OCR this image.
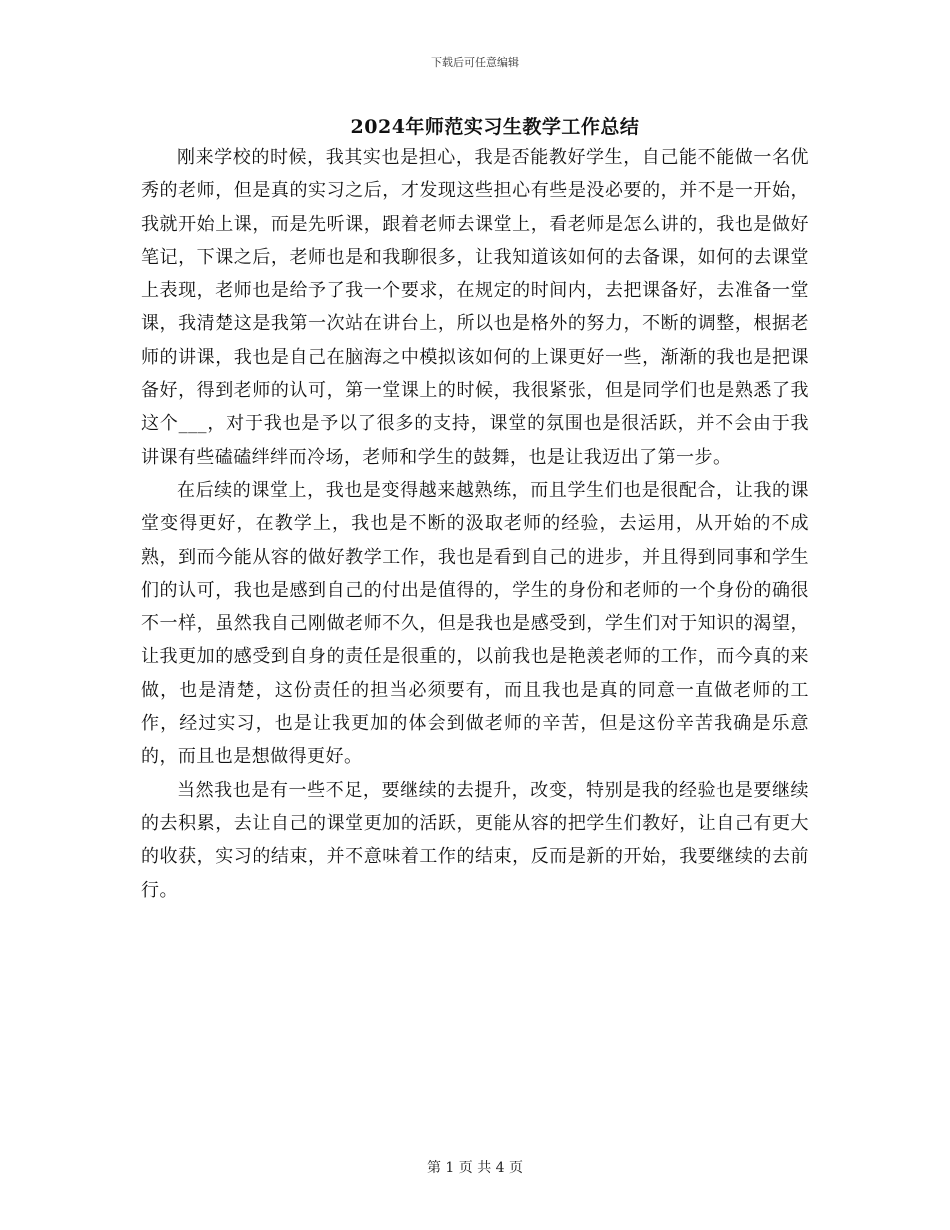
下载后可任意编辑
2024年师范实习生教学工作总结

刚来学校的时候，我其实也是担心，我是否能教好学生，自己能不能做一名优秀的老师，但是真的实习之后，才发现这些担心有些是没必要的，并不是一开始，我就开始上课，而是先听课，跟着老师去课堂上，看老师是怎么讲的，我也是做好笔记，下课之后，老师也是和我聊很多，让我知道该如何的去备课，如何的去课堂上表现，老师也是给予了我一个要求，在规定的时间内，去把课备好，去准备一堂课，我清楚这是我第一次站在讲台上，所以也是格外的努力，不断的调整，根据老师的讲课，我也是自己在脑海之中模拟该如何的上课更好一些，渐渐的我也是把课备好，得到老师的认可，第一堂课上的时候，我很紧张，但是同学们也是熟悉了我这个___，对于我也是予以了很多的支持，课堂的氛围也是很活跃，并不会由于我讲课有些磕磕绊绊而冷场，老师和学生的鼓舞，也是让我迈出了第一步。

在后续的课堂上，我也是变得越来越熟练，而且学生们也是很配合，让我的课堂变得更好，在教学上，我也是不断的汲取老师的经验，去运用，从开始的不成熟，到而今能从容的做好教学工作，我也是看到自己的进步，并且得到同事和学生们的认可，我也是感到自己的付出是值得的，学生的身份和老师的一个身份的确很不一样，虽然我自己刚做老师不久，但是我也是感受到，学生们对于知识的渴望，让我更加的感受到自身的责任是很重的，以前我也是艳羡老师的工作，而今真的来做，也是清楚，这份责任的担当必须要有，而且我也是真的同意一直做老师的工作，经过实习，也是让我更加的体会到做老师的辛苦，但是这份辛苦我确是乐意的，而且也是想做得更好。

当然我也是有一些不足，要继续的去提升，改变，特别是我的经验也是要继续的去积累，去让自己的课堂更加的活跃，更能从容的把学生们教好，让自己有更大的收获，实习的结束，并不意味着工作的结束，反而是新的开始，我要继续的去前行。

第 1 页 共 4 页
